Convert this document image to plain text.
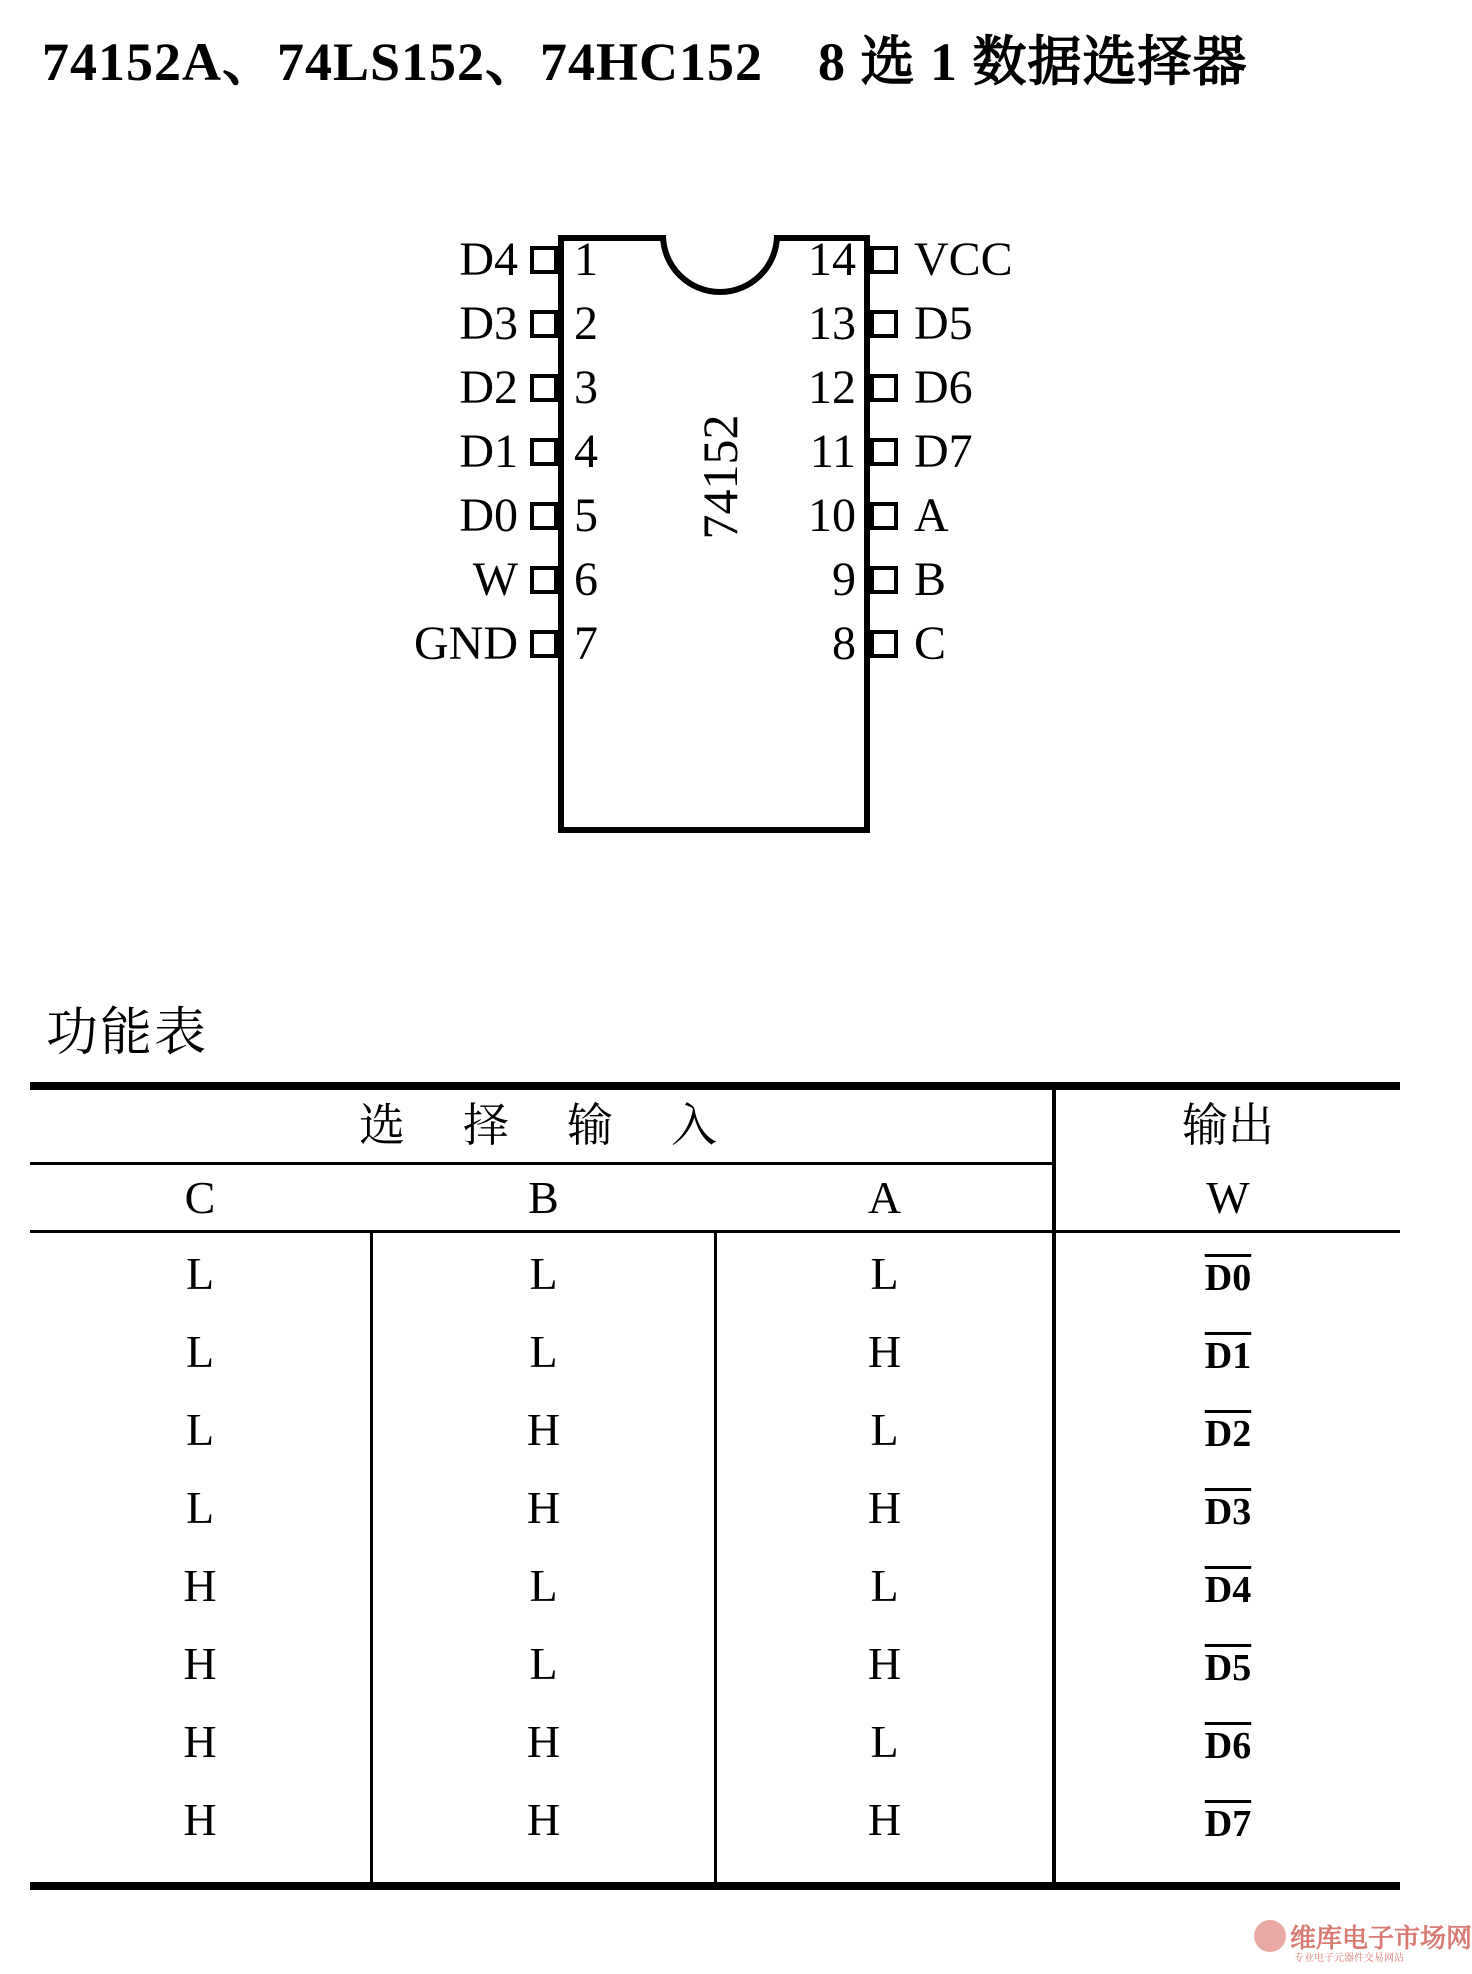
74152A、74LS152、74HC152　8 选 1 数据选择器
74152
D4 1
D3 2
D2 3
D1 4
D0 5
W 6
GND 7
14 VCC
13 D5
12 D6
11 D7
10 A
9 B
8 C
功能表
选　择　输　入	输出
C	B	A	W
L	L	L	D0
L	L	H	D1
L	H	L	D2
L	H	H	D3
H	L	L	D4
H	L	H	D5
H	H	L	D6
H	H	H	D7
维库电子市场网
专业电子元器件交易网站
